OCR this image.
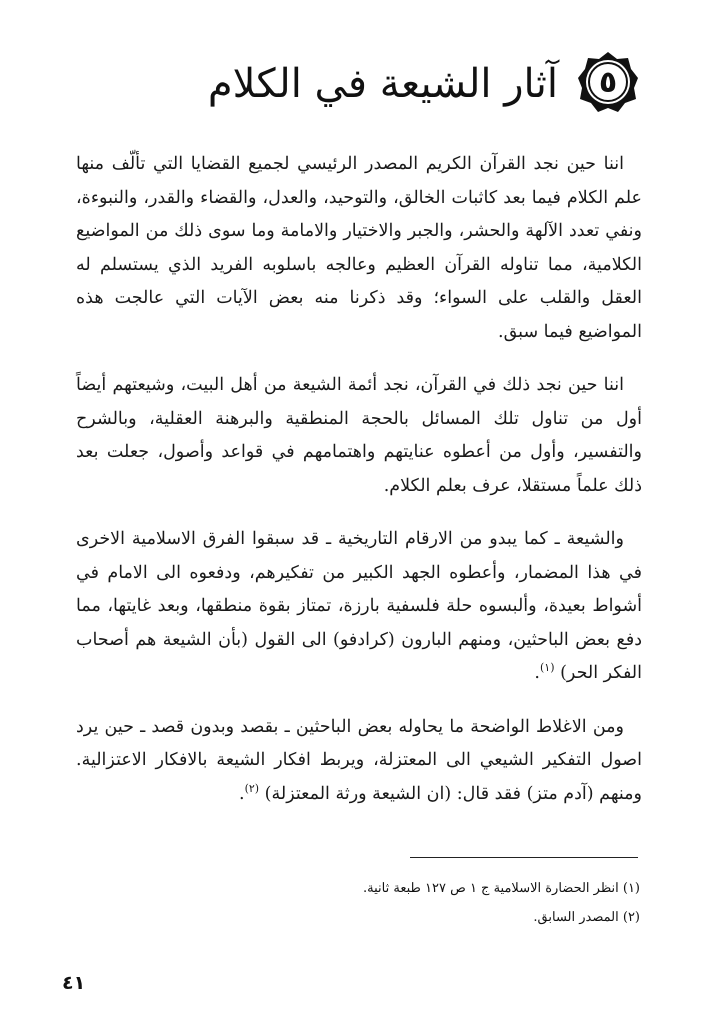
٥
آثار الشيعة في الكلام

اننا حين نجد القرآن الكريم المصدر الرئيسي لجميع القضايا التي تألّف منها علم الكلام فيما بعد كاثبات الخالق، والتوحيد، والعدل، والقضاء والقدر، والنبوءة، ونفي تعدد الآلهة والحشر، والجبر والاختيار والامامة وما سوى ذلك من المواضيع الكلامية، مما تناوله القرآن العظيم وعالجه باسلوبه الفريد الذي يستسلم له العقل والقلب على السواء؛ وقد ذكرنا منه بعض الآيات التي عالجت هذه المواضيع فيما سبق.

اننا حين نجد ذلك في القرآن، نجد أئمة الشيعة من أهل البيت، وشيعتهم أيضاً أول من تناول تلك المسائل بالحجة المنطقية والبرهنة العقلية، وبالشرح والتفسير، وأول من أعطوه عنايتهم واهتمامهم في قواعد وأصول، جعلت بعد ذلك علماً مستقلا، عرف بعلم الكلام.

والشيعة ـ كما يبدو من الارقام التاريخية ـ قد سبقوا الفرق الاسلامية الاخرى في هذا المضمار، وأعطوه الجهد الكبير من تفكيرهم، ودفعوه الى الامام في أشواط بعيدة، وألبسوه حلة فلسفية بارزة، تمتاز بقوة منطقها، وبعد غايتها، مما دفع بعض الباحثين، ومنهم البارون (كرادفو) الى القول (بأن الشيعة هم أصحاب الفكر الحر) $^{(١)}$.

ومن الاغلاط الواضحة ما يحاوله بعض الباحثين ـ بقصد وبدون قصد ـ حين يرد اصول التفكير الشيعي الى المعتزلة، ويربط افكار الشيعة بالافكار الاعتزالية. ومنهم (آدم متز) فقد قال: (ان الشيعة ورثة المعتزلة) $^{(٢)}$.

(١) انظر الحضارة الاسلامية ج ١ ص ١٢٧ طبعة ثانية.
(٢) المصدر السابق.
٤١
